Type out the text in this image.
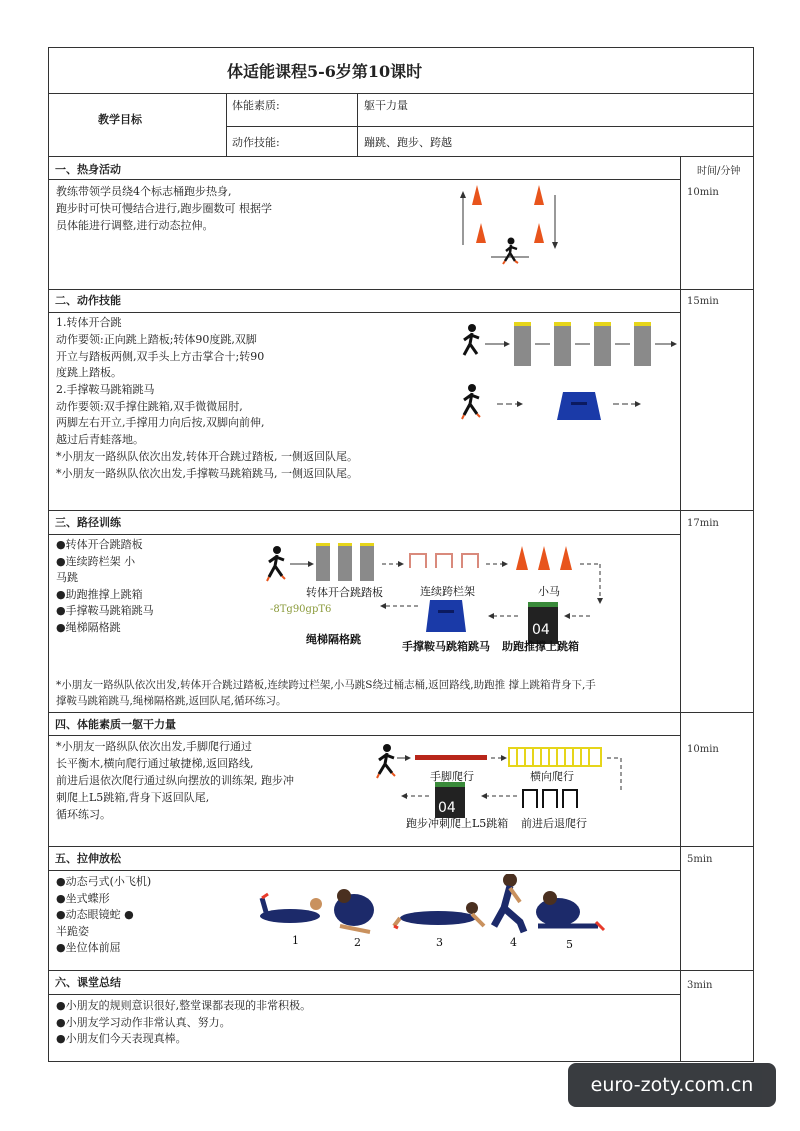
体适能课程5-6岁第10课时
教学目标
体能素质:	躯干力量
动作技能:	蹦跳、跑步、跨越
时间/分钟
一、热身活动
10min
教练带领学员绕4个标志桶跑步热身,
跑步时可快可慢结合进行,跑步圈数可 根据学
员体能进行调整,进行动态拉伸。
二、动作技能	15min
1.转体开合跳
动作要领:正向跳上踏板;转体90度跳,双脚
开立与踏板两侧,双手头上方击掌合十;转90
度跳上踏板。
2.手撑鞍马跳箱跳马
动作要领:双手撑住跳箱,双手微微屈肘,
两脚左右开立,手撑用力向后按,双脚向前伸,
越过后青蛙落地。
*小朋友一路纵队依次出发,转体开合跳过踏板, 一侧返回队尾。
*小朋友一路纵队依次出发,手撑鞍马跳箱跳马, 一侧返回队尾。
三、路径训练	17min
●转体开合跳踏板
●连续跨栏架 小
马跳
●助跑推撑上跳箱
●手撑鞍马跳箱跳马
●绳梯隔格跳	04
转体开合跳踏板	连续跨栏架	小马
手撑鞍马跳箱跳马 助跑推撑上跳箱
绳梯隔格跳
-8Tg90gpT6
*小朋友一路纵队依次出发,转体开合跳过踏板,连续跨过栏架,小马跳S绕过桶志桶,返回路线,助跑推 撑上跳箱背身下,手
撑鞍马跳箱跳马,绳梯隔格跳,返回队尾,循环练习。
四、体能素质一躯干力量
10min
*小朋友一路纵队依次出发,手脚爬行通过
长平衡木,横向爬行通过敏捷梯,返回路线,
前进后退依次爬行通过纵向摆放的训练架, 跑步冲
刺爬上L5跳箱,背身下返回队尾,
循环练习。	04
手脚爬行	横向爬行
跑步冲刺爬上L5跳箱 前进后退爬行
五、拉伸放松	5min
●动态弓式(小飞机)
●坐式蝶形
●动态眼镜蛇 ●
半跪姿
●坐位体前屈
1	2	3	4	5
六、课堂总结	3min
●小朋友的规则意识很好,整堂课都表现的非常积极。
●小朋友学习动作非常认真、努力。
●小朋友们今天表现真棒。
euro-zoty.com.cn
